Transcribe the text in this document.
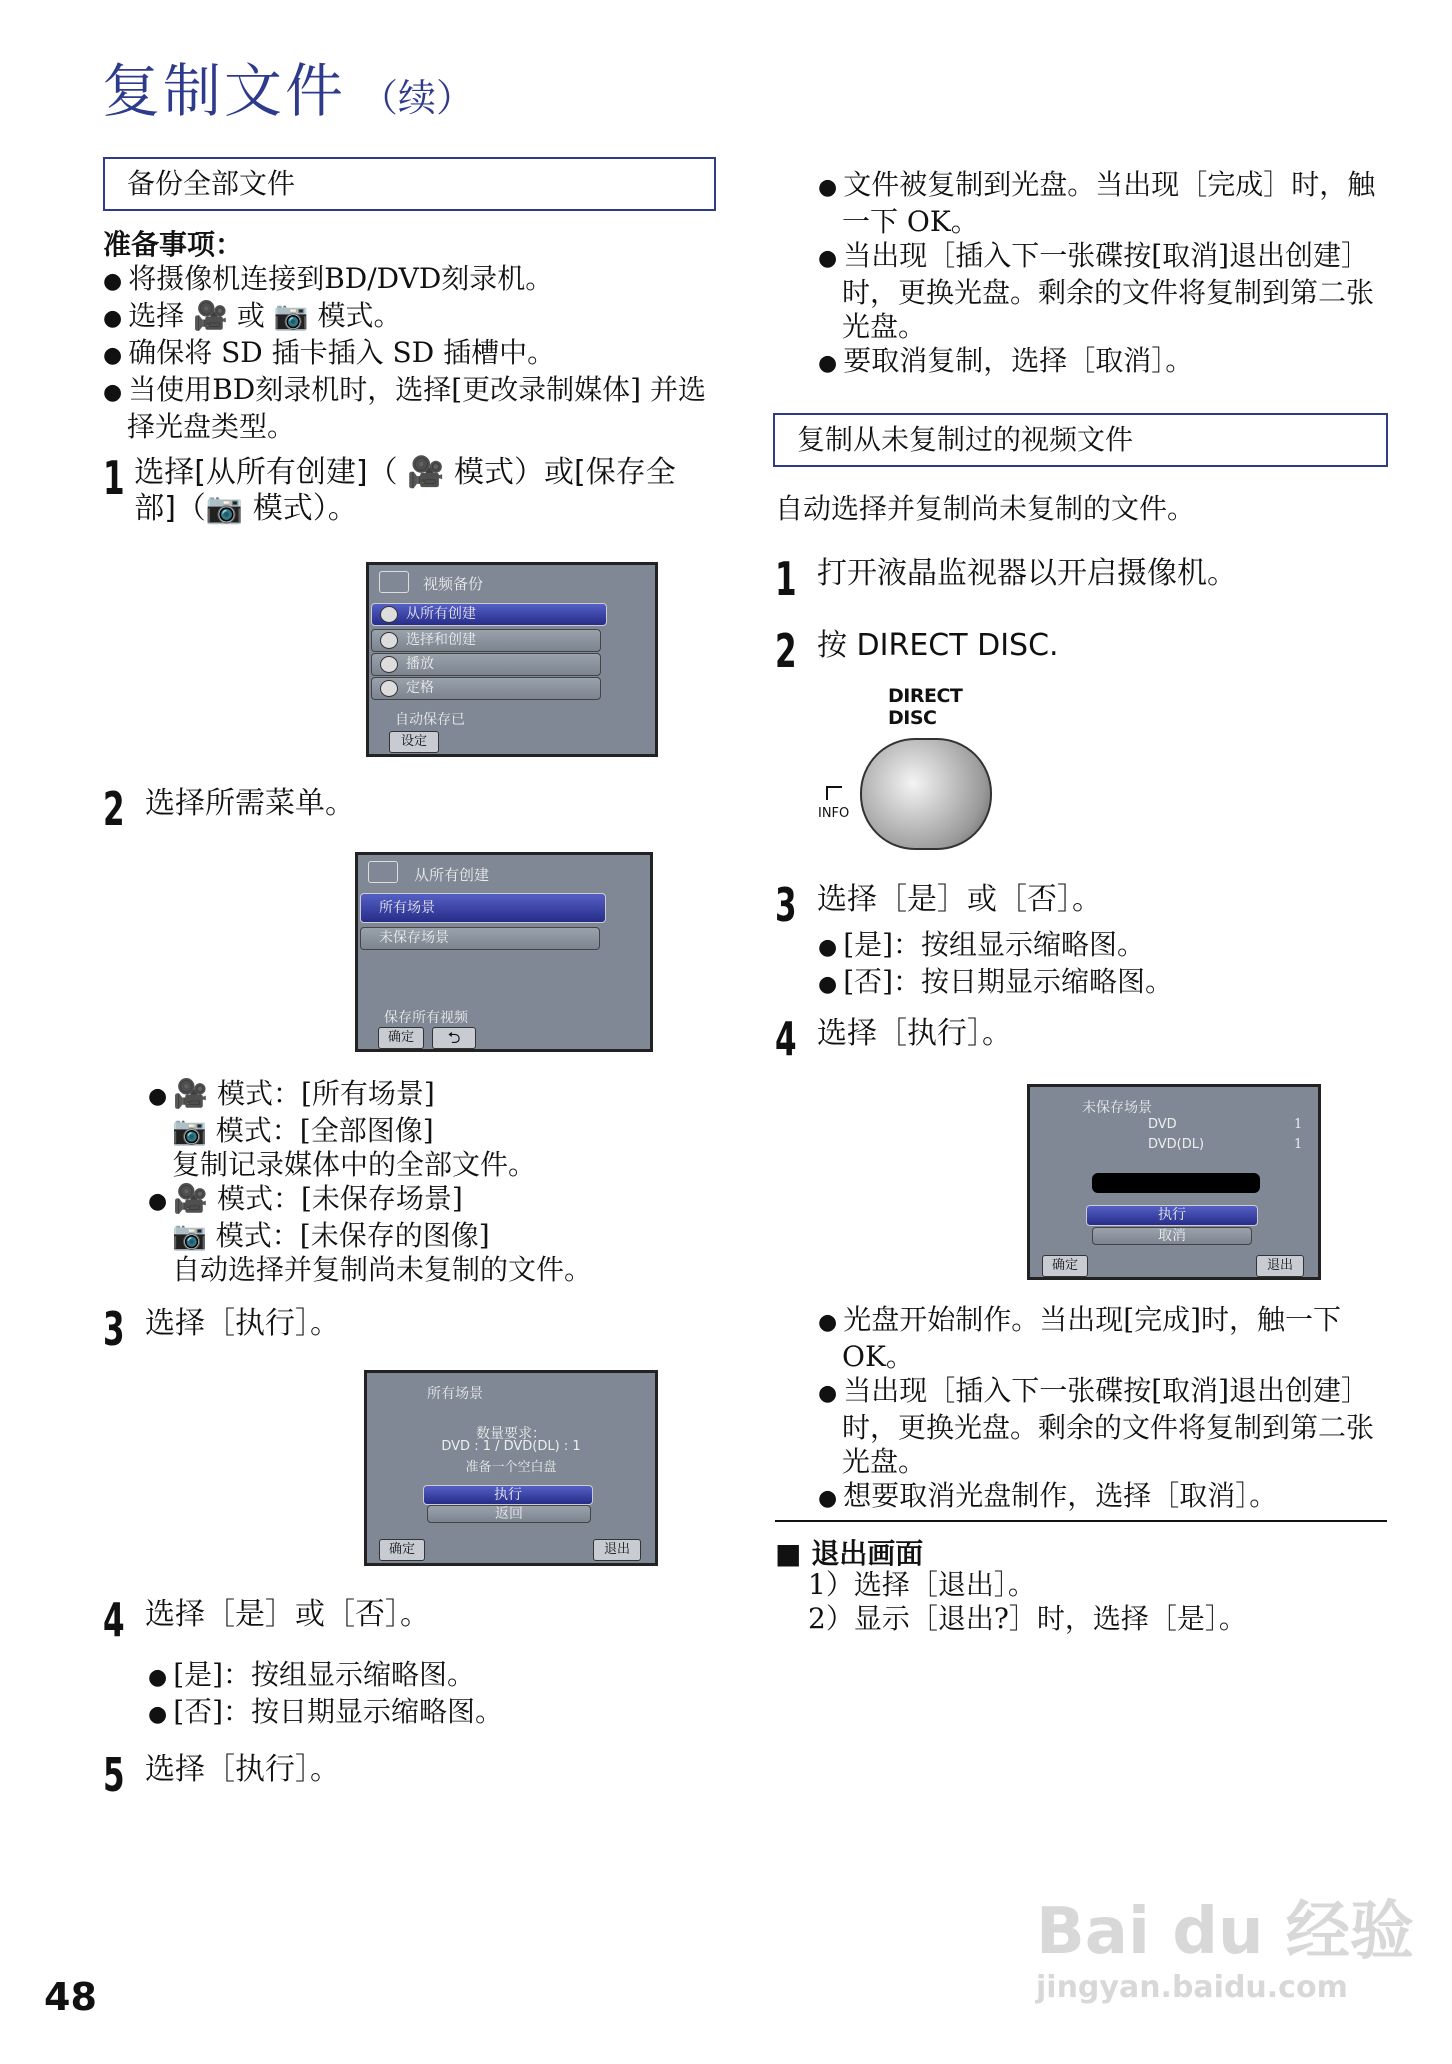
复制文件 （续）
备份全部文件

准备事项：

● 将摄像机连接到BD/DVD刻录机。

● 选择 🎥 或 📷 模式。

● 确保将 SD 插卡插入 SD 插槽中。

● 当使用BD刻录机时，选择[更改录制媒体] 并选择光盘类型。

1 选择[从所有创建]（ 🎥 模式）或[保存全部]（📷 模式）。
视频备份
从所有创建
选择和创建
播放
定格
自动保存已
设定
2 选择所需菜单。
从所有创建
所有场景
未保存场景
保存所有视频
确定	⮌

● 🎥 模式：[所有场景]

📷 模式：[全部图像]

复制记录媒体中的全部文件。

● 🎥 模式：[未保存场景]

📷 模式：[未保存的图像]

自动选择并复制尚未复制的文件。

3 选择［执行］。
所有场景
数量要求：
DVD : 1 / DVD(DL) : 1
准备一个空白盘
执行
返回
确定	退出
4 选择［是］或［否］。

● [是]：按组显示缩略图。

● [否]：按日期显示缩略图。

5 选择［执行］。

● 文件被复制到光盘。当出现［完成］时，触一下 OK。

● 当出现［插入下一张碟按[取消]退出创建］时，更换光盘。剩余的文件将复制到第二张光盘。

● 要取消复制，选择［取消］。

复制从未复制过的视频文件
自动选择并复制尚未复制的文件。
1 打开液晶监视器以开启摄像机。
2 按 DIRECT DISC.
DIRECT
DISC
INFO
3 选择［是］或［否］。

● [是]：按组显示缩略图。

● [否]：按日期显示缩略图。

4 选择［执行］。
未保存场景
DVD	1
DVD(DL)	1
执行
取消
确定	退出

● 光盘开始制作。当出现[完成]时，触一下OK。

● 当出现［插入下一张碟按[取消]退出创建］时，更换光盘。剩余的文件将复制到第二张光盘。

● 想要取消光盘制作，选择［取消］。

■ 退出画面

1）选择［退出］。

2）显示［退出?］时，选择［是］。

Bai du 经验
jingyan.baidu.com
48
